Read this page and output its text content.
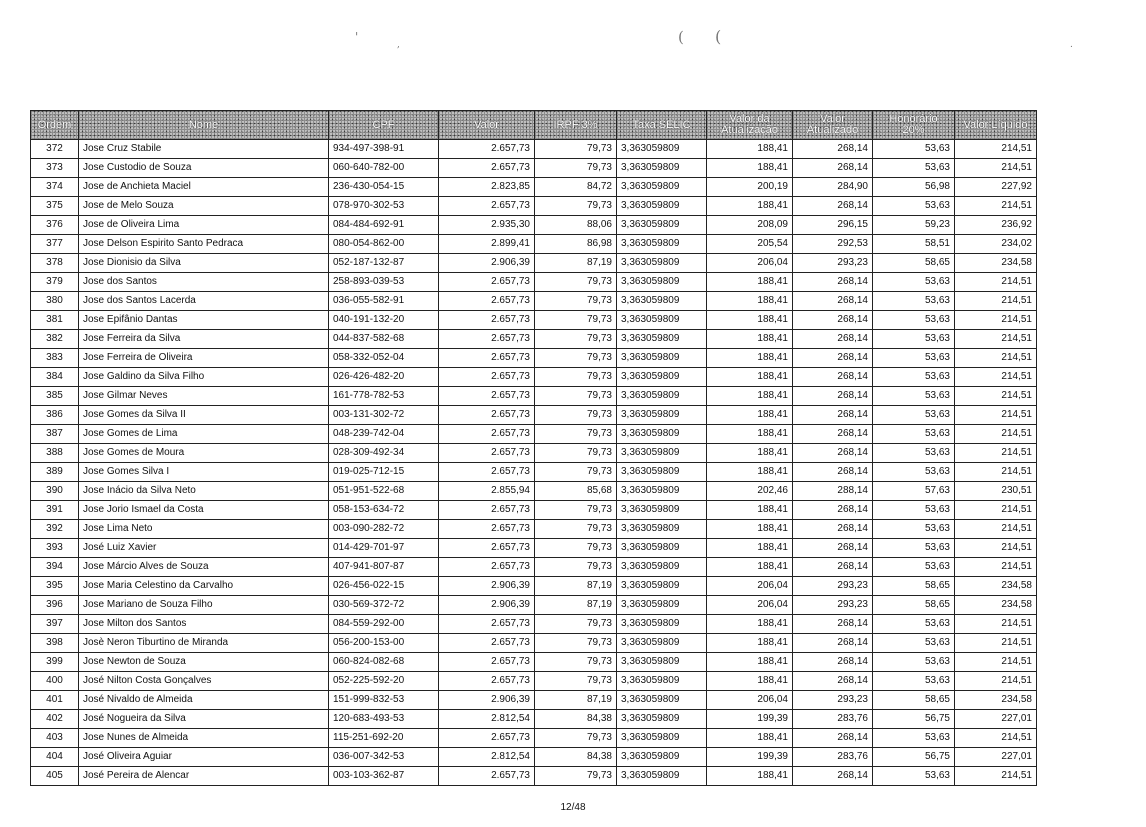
'
,	( (	.
Ordem	Nome	CPF	Valor	IRPF 3%	Taxa SELIC	Valor da Atualização	Valor Atualizado	Honorário 20%	Valor Líquido
372	Jose Cruz Stabile	934-497-398-91	2.657,73	79,73	3,363059809	188,41	268,14	53,63	214,51
373	Jose Custodio de Souza	060-640-782-00	2.657,73	79,73	3,363059809	188,41	268,14	53,63	214,51
374	Jose de Anchieta Maciel	236-430-054-15	2.823,85	84,72	3,363059809	200,19	284,90	56,98	227,92
375	Jose de Melo Souza	078-970-302-53	2.657,73	79,73	3,363059809	188,41	268,14	53,63	214,51
376	Jose de Oliveira Lima	084-484-692-91	2.935,30	88,06	3,363059809	208,09	296,15	59,23	236,92
377	Jose Delson Espirito Santo Pedraca	080-054-862-00	2.899,41	86,98	3,363059809	205,54	292,53	58,51	234,02
378	Jose Dionisio da Silva	052-187-132-87	2.906,39	87,19	3,363059809	206,04	293,23	58,65	234,58
379	Jose dos Santos	258-893-039-53	2.657,73	79,73	3,363059809	188,41	268,14	53,63	214,51
380	Jose dos Santos Lacerda	036-055-582-91	2.657,73	79,73	3,363059809	188,41	268,14	53,63	214,51
381	Jose Epifânio Dantas	040-191-132-20	2.657,73	79,73	3,363059809	188,41	268,14	53,63	214,51
382	Jose Ferreira da Silva	044-837-582-68	2.657,73	79,73	3,363059809	188,41	268,14	53,63	214,51
383	Jose Ferreira de Oliveira	058-332-052-04	2.657,73	79,73	3,363059809	188,41	268,14	53,63	214,51
384	Jose Galdino da Silva Filho	026-426-482-20	2.657,73	79,73	3,363059809	188,41	268,14	53,63	214,51
385	Jose Gilmar Neves	161-778-782-53	2.657,73	79,73	3,363059809	188,41	268,14	53,63	214,51
386	Jose Gomes da Silva II	003-131-302-72	2.657,73	79,73	3,363059809	188,41	268,14	53,63	214,51
387	Jose Gomes de Lima	048-239-742-04	2.657,73	79,73	3,363059809	188,41	268,14	53,63	214,51
388	Jose Gomes de Moura	028-309-492-34	2.657,73	79,73	3,363059809	188,41	268,14	53,63	214,51
389	Jose Gomes Silva I	019-025-712-15	2.657,73	79,73	3,363059809	188,41	268,14	53,63	214,51
390	Jose Inácio da Silva Neto	051-951-522-68	2.855,94	85,68	3,363059809	202,46	288,14	57,63	230,51
391	Jose Jorio Ismael da Costa	058-153-634-72	2.657,73	79,73	3,363059809	188,41	268,14	53,63	214,51
392	Jose Lima Neto	003-090-282-72	2.657,73	79,73	3,363059809	188,41	268,14	53,63	214,51
393	José Luiz Xavier	014-429-701-97	2.657,73	79,73	3,363059809	188,41	268,14	53,63	214,51
394	Jose Márcio Alves de Souza	407-941-807-87	2.657,73	79,73	3,363059809	188,41	268,14	53,63	214,51
395	Jose Maria Celestino da Carvalho	026-456-022-15	2.906,39	87,19	3,363059809	206,04	293,23	58,65	234,58
396	Jose Mariano de Souza Filho	030-569-372-72	2.906,39	87,19	3,363059809	206,04	293,23	58,65	234,58
397	Jose Milton dos Santos	084-559-292-00	2.657,73	79,73	3,363059809	188,41	268,14	53,63	214,51
398	Josè Neron Tiburtino de Miranda	056-200-153-00	2.657,73	79,73	3,363059809	188,41	268,14	53,63	214,51
399	Jose Newton de Souza	060-824-082-68	2.657,73	79,73	3,363059809	188,41	268,14	53,63	214,51
400	José Nilton Costa Gonçalves	052-225-592-20	2.657,73	79,73	3,363059809	188,41	268,14	53,63	214,51
401	José Nivaldo de Almeida	151-999-832-53	2.906,39	87,19	3,363059809	206,04	293,23	58,65	234,58
402	José Nogueira da Silva	120-683-493-53	2.812,54	84,38	3,363059809	199,39	283,76	56,75	227,01
403	Jose Nunes de Almeida	115-251-692-20	2.657,73	79,73	3,363059809	188,41	268,14	53,63	214,51
404	José Oliveira Aguiar	036-007-342-53	2.812,54	84,38	3,363059809	199,39	283,76	56,75	227,01
405	José Pereira de Alencar	003-103-362-87	2.657,73	79,73	3,363059809	188,41	268,14	53,63	214,51
12/48
